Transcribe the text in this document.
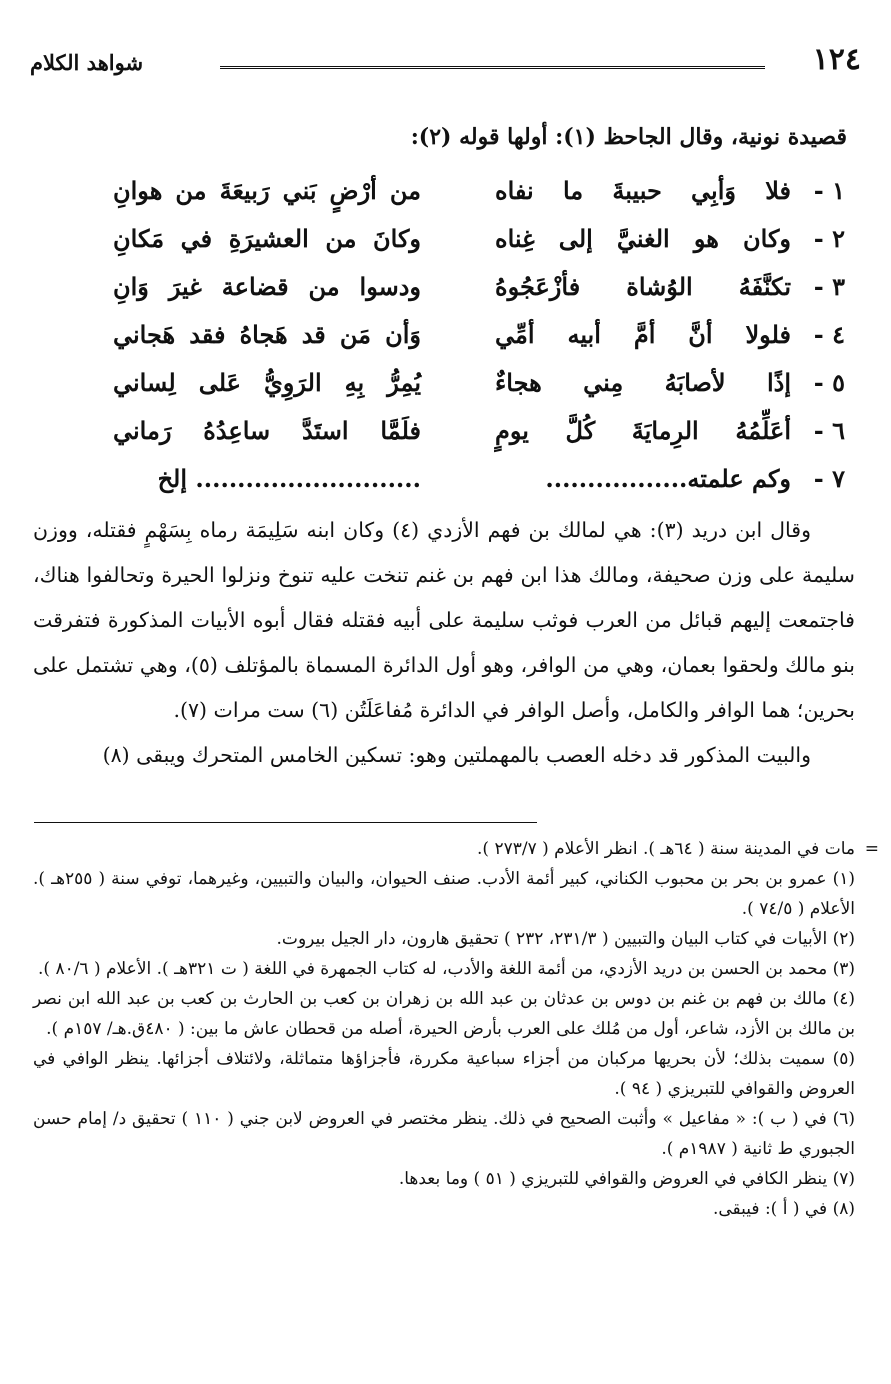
١٢٤
شواهد الكلام
قصيدة نونية، وقال الجاحظ (١): أولها قوله (٢):
١ -
فلا وَأبِي حبيبةَ ما نفاه
من أرْضٍ بَني رَبيعَةَ من هوانِ
٢ -
وكان هو الغنيَّ إلى غِناه
وكانَ من العشيرَةِ في مَكانِ
٣ -
تكنَّفَهُ الوُشاة فأزْعَجُوهُ
ودسوا من قضاعة غيرَ وَانِ
٤ -
فلولا أنَّ أمَّ أبيه أمِّي
وَأن مَن قد هَجاهُ فقد هَجاني
٥ -
إذًا لأصابَهُ مِني هجاءٌ
يُمِرُّ بِهِ الرَوِيُّ عَلى لِساني
٦ -
أعَلِّمُهُ الرِمايَةَ كُلَّ يومٍ
فلَمَّا استَدَّ ساعِدُهُ رَماني
٧ -
وكم علمته.................
........................... إلخ

وقال ابن دريد (٣): هي لمالك بن فهم الأزدي (٤) وكان ابنه سَلِيمَة رماه بِسَهْمٍ فقتله، ووزن سليمة على وزن صحيفة، ومالك هذا ابن فهم بن غنم تنخت عليه تنوخ ونزلوا الحيرة وتحالفوا هناك، فاجتمعت إليهم قبائل من العرب فوثب سليمة على أبيه فقتله فقال أبوه الأبيات المذكورة فتفرقت بنو مالك ولحقوا بعمان، وهي من الوافر، وهو أول الدائرة المسماة بالمؤتلف (٥)، وهي تشتمل على بحرين؛ هما الوافر والكامل، وأصل الوافر في الدائرة مُفاعَلَتُن (٦) ست مرات (٧).

والبيت المذكور قد دخله العصب بالمهملتين وهو: تسكين الخامس المتحرك ويبقى (٨)

=
مات في المدينة سنة ( ٦٤هـ ). انظر الأعلام ( ٢٧٣/٧ ).

(١) عمرو بن بحر بن محبوب الكناني، كبير أئمة الأدب. صنف الحيوان، والبيان والتبيين، وغيرهما، توفي سنة ( ٢٥٥هـ ). الأعلام ( ٧٤/٥ ).

(٢) الأبيات في كتاب البيان والتبيين ( ٢٣١/٣، ٢٣٢ ) تحقيق هارون، دار الجيل بيروت.

(٣) محمد بن الحسن بن دريد الأزدي، من أئمة اللغة والأدب، له كتاب الجمهرة في اللغة ( ت ٣٢١هـ ). الأعلام ( ٨٠/٦ ).

(٤) مالك بن فهم بن غنم بن دوس بن عدثان بن عبد الله بن زهران بن كعب بن الحارث بن كعب بن عبد الله ابن نصر بن مالك بن الأزد، شاعر، أول من مُلك على العرب بأرض الحيرة، أصله من قحطان عاش ما بين: ( ٤٨٠ق.هـ/ ١٥٧م ).

(٥) سميت بذلك؛ لأن بحريها مركبان من أجزاء سباعية مكررة، فأجزاؤها متماثلة، ولائتلاف أجزائها. ينظر الوافي في العروض والقوافي للتبريزي ( ٩٤ ).

(٦) في ( ب ): « مفاعيل » وأثبت الصحيح في ذلك. ينظر مختصر في العروض لابن جني ( ١١٠ ) تحقيق د/ إمام حسن الجبوري ط ثانية ( ١٩٨٧م ).

(٧) ينظر الكافي في العروض والقوافي للتبريزي ( ٥١ ) وما بعدها.

(٨) في ( أ ): فيبقى.
